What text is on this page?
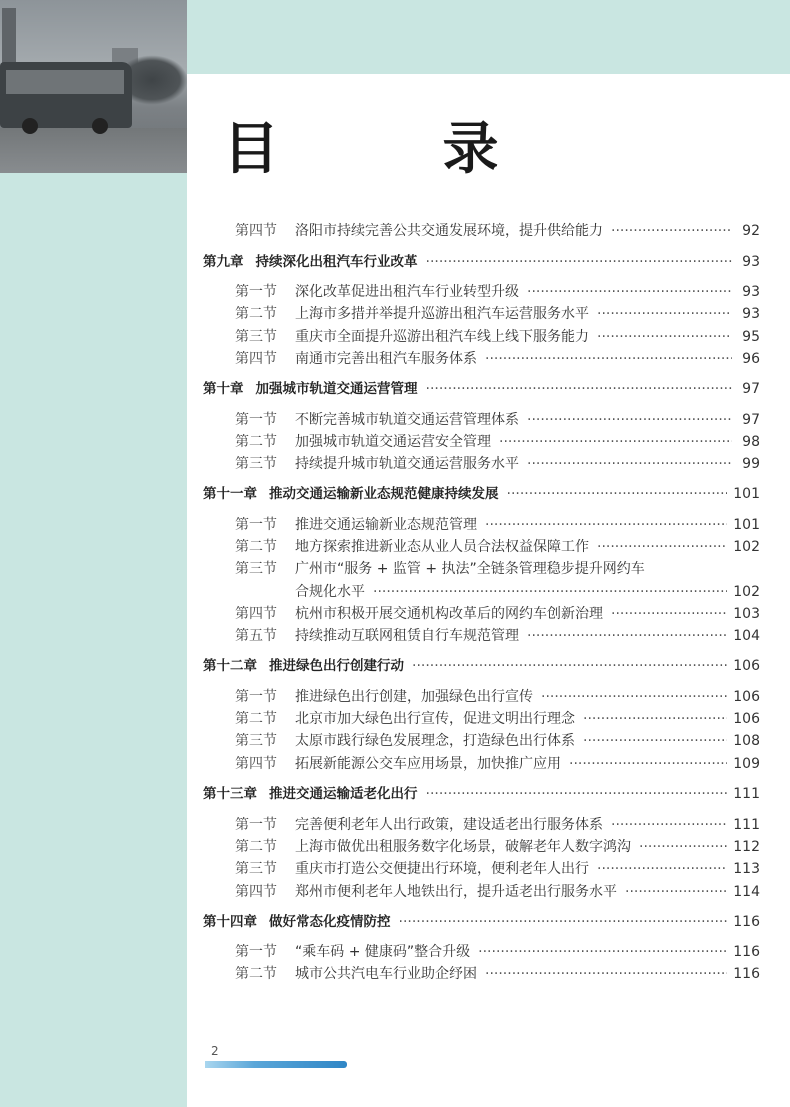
目 录
第四节	洛阳市持续完善公共交通发展环境，提升供给能力 ·····	92
第九章 持续深化出租汽车行业改革 ·····	93
第一节	深化改革促进出租汽车行业转型升级 ·····	93
第二节	上海市多措并举提升巡游出租汽车运营服务水平 ·····	93
第三节	重庆市全面提升巡游出租汽车线上线下服务能力 ·····	95
第四节	南通市完善出租汽车服务体系 ·····	96
第十章 加强城市轨道交通运营管理 ·····	97
第一节	不断完善城市轨道交通运营管理体系 ·····	97
第二节	加强城市轨道交通运营安全管理 ·····	98
第三节	持续提升城市轨道交通运营服务水平 ·····	99
第十一章 推动交通运输新业态规范健康持续发展 ·····	101
第一节	推进交通运输新业态规范管理 ·····	101
第二节	地方探索推进新业态从业人员合法权益保障工作 ·····	102
第三节	广州市“服务 + 监管 + 执法”全链条管理稳步提升网约车
合规化水平 ·····	102
第四节	杭州市积极开展交通机构改革后的网约车创新治理 ·····	103
第五节	持续推动互联网租赁自行车规范管理 ·····	104
第十二章 推进绿色出行创建行动 ·····	106
第一节	推进绿色出行创建，加强绿色出行宣传 ·····	106
第二节	北京市加大绿色出行宣传，促进文明出行理念 ·····	106
第三节	太原市践行绿色发展理念，打造绿色出行体系 ·····	108
第四节	拓展新能源公交车应用场景，加快推广应用 ·····	109
第十三章 推进交通运输适老化出行 ·····	111
第一节	完善便利老年人出行政策，建设适老出行服务体系 ·····	111
第二节	上海市做优出租服务数字化场景，破解老年人数字鸿沟 ·····	112
第三节	重庆市打造公交便捷出行环境，便利老年人出行 ·····	113
第四节	郑州市便利老年人地铁出行，提升适老出行服务水平 ·····	114
第十四章 做好常态化疫情防控 ·····	116
第一节	“乘车码 + 健康码”整合升级 ·····	116
第二节	城市公共汽电车行业助企纾困 ·····	116
2
